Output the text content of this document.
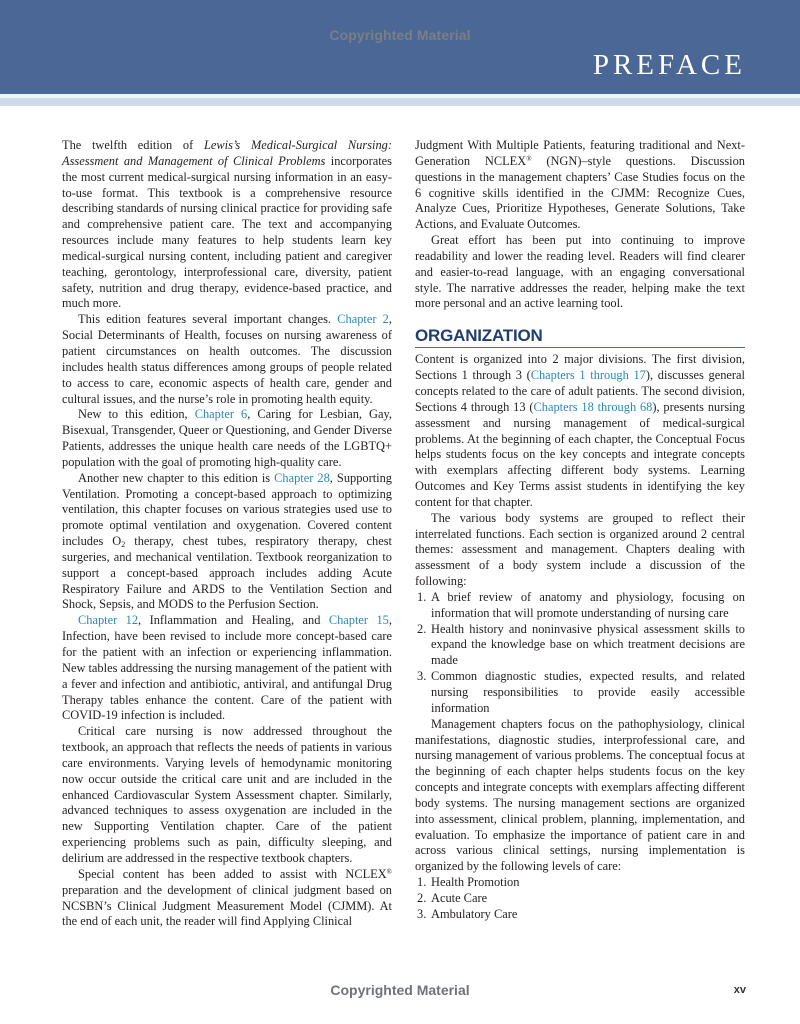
Copyrighted Material
PREFACE

The twelfth edition of Lewis’s Medical-Surgical Nursing: Assessment and Management of Clinical Problems incorporates the most current medical-surgical nursing information in an easy-to-use format. This textbook is a comprehensive resource describing standards of nursing clinical practice for providing safe and comprehensive patient care. The text and accompanying resources include many features to help students learn key medical-surgical nursing content, including patient and caregiver teaching, gerontology, interprofessional care, diversity, patient safety, nutrition and drug therapy, evidence-based practice, and much more.

This edition features several important changes. Chapter 2, Social Determinants of Health, focuses on nursing awareness of patient circumstances on health outcomes. The discussion includes health status differences among groups of people related to access to care, economic aspects of health care, gender and cultural issues, and the nurse’s role in promoting health equity.

New to this edition, Chapter 6, Caring for Lesbian, Gay, Bisexual, Transgender, Queer or Questioning, and Gender Diverse Patients, addresses the unique health care needs of the LGBTQ+ population with the goal of promoting high-quality care.

Another new chapter to this edition is Chapter 28, Supporting Ventilation. Promoting a concept-based approach to optimizing ventilation, this chapter focuses on various strategies used use to promote optimal ventilation and oxygenation. Covered content includes $O_2$ therapy, chest tubes, respiratory therapy, chest surgeries, and mechanical ventilation. Textbook reorganization to support a concept-based approach includes adding Acute Respiratory Failure and ARDS to the Ventilation Section and Shock, Sepsis, and MODS to the Perfusion Section.

Chapter 12, Inflammation and Healing, and Chapter 15, Infection, have been revised to include more concept-based care for the patient with an infection or experiencing inflammation. New tables addressing the nursing management of the patient with a fever and infection and antibiotic, antiviral, and antifungal Drug Therapy tables enhance the content. Care of the patient with COVID-19 infection is included.

Critical care nursing is now addressed throughout the textbook, an approach that reflects the needs of patients in various care environments. Varying levels of hemodynamic monitoring now occur outside the critical care unit and are included in the enhanced Cardiovascular System Assessment chapter. Similarly, advanced techniques to assess oxygenation are included in the new Supporting Ventilation chapter. Care of the patient experiencing problems such as pain, difficulty sleeping, and delirium are addressed in the respective textbook chapters.

Special content has been added to assist with NCLEX® preparation and the development of clinical judgment based on NCSBN’s Clinical Judgment Measurement Model (CJMM). At the end of each unit, the reader will find Applying Clinical

Judgment With Multiple Patients, featuring traditional and Next-Generation NCLEX® (NGN)–style questions. Discussion questions in the management chapters’ Case Studies focus on the 6 cognitive skills identified in the CJMM: Recognize Cues, Analyze Cues, Prioritize Hypotheses, Generate Solutions, Take Actions, and Evaluate Outcomes.

Great effort has been put into continuing to improve readability and lower the reading level. Readers will find clearer and easier-to-read language, with an engaging conversational style. The narrative addresses the reader, helping make the text more personal and an active learning tool.

ORGANIZATION

Content is organized into 2 major divisions. The first division, Sections 1 through 3 (Chapters 1 through 17), discusses general concepts related to the care of adult patients. The second division, Sections 4 through 13 (Chapters 18 through 68), presents nursing assessment and nursing management of medical-surgical problems. At the beginning of each chapter, the Conceptual Focus helps students focus on the key concepts and integrate concepts with exemplars affecting different body systems. Learning Outcomes and Key Terms assist students in identifying the key content for that chapter.

The various body systems are grouped to reflect their interrelated functions. Each section is organized around 2 central themes: assessment and management. Chapters dealing with assessment of a body system include a discussion of the following:

1. A brief review of anatomy and physiology, focusing on information that will promote understanding of nursing care
2. Health history and noninvasive physical assessment skills to expand the knowledge base on which treatment decisions are made
3. Common diagnostic studies, expected results, and related nursing responsibilities to provide easily accessible information

Management chapters focus on the pathophysiology, clinical manifestations, diagnostic studies, interprofessional care, and nursing management of various problems. The conceptual focus at the beginning of each chapter helps students focus on the key concepts and integrate concepts with exemplars affecting different body systems. The nursing management sections are organized into assessment, clinical problem, planning, implementation, and evaluation. To emphasize the importance of patient care in and across various clinical settings, nursing implementation is organized by the following levels of care:

1. Health Promotion
2. Acute Care
3. Ambulatory Care
Copyrighted Material	xv
